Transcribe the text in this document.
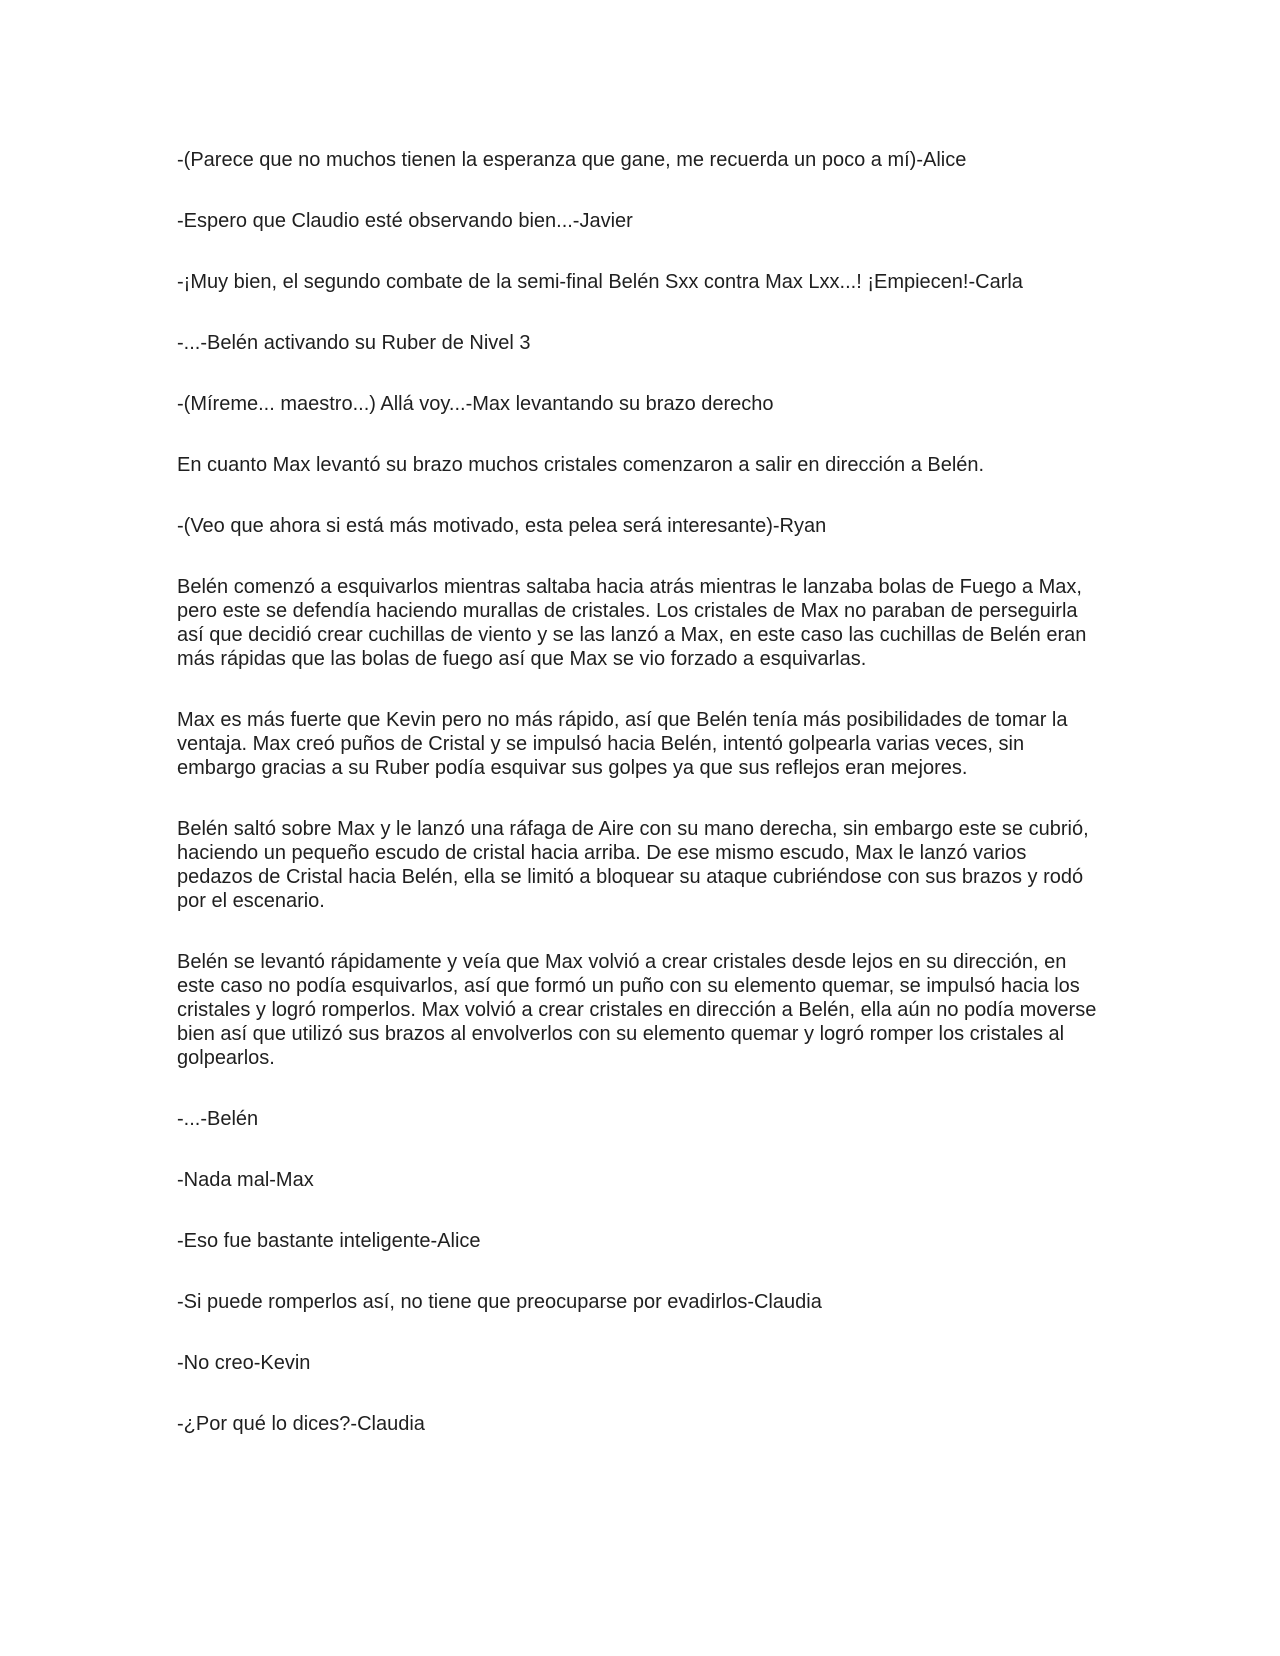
-(Parece que no muchos tienen la esperanza que gane, me recuerda un poco a mí)-Alice

-Espero que Claudio esté observando bien...-Javier

-¡Muy bien, el segundo combate de la semi-final Belén Sxx contra Max Lxx...! ¡Empiecen!-Carla

-...-Belén activando su Ruber de Nivel 3

-(Míreme... maestro...) Allá voy...-Max levantando su brazo derecho

En cuanto Max levantó su brazo muchos cristales comenzaron a salir en dirección a Belén.

-(Veo que ahora si está más motivado, esta pelea será interesante)-Ryan

Belén comenzó a esquivarlos mientras saltaba hacia atrás mientras le lanzaba bolas de Fuego a Max, pero este se defendía haciendo murallas de cristales. Los cristales de Max no paraban de perseguirla así que decidió crear cuchillas de viento y se las lanzó a Max, en este caso las cuchillas de Belén eran más rápidas que las bolas de fuego así que Max se vio forzado a esquivarlas.

Max es más fuerte que Kevin pero no más rápido, así que Belén tenía más posibilidades de tomar la ventaja. Max creó puños de Cristal y se impulsó hacia Belén, intentó golpearla varias veces, sin embargo gracias a su Ruber podía esquivar sus golpes ya que sus reflejos eran mejores.

Belén saltó sobre Max y le lanzó una ráfaga de Aire con su mano derecha, sin embargo este se cubrió, haciendo un pequeño escudo de cristal hacia arriba. De ese mismo escudo, Max le lanzó varios pedazos de Cristal hacia Belén, ella se limitó a bloquear su ataque cubriéndose con sus brazos y rodó por el escenario.

Belén se levantó rápidamente y veía que Max volvió a crear cristales desde lejos en su dirección, en este caso no podía esquivarlos, así que formó un puño con su elemento quemar, se impulsó hacia los cristales y logró romperlos. Max volvió a crear cristales en dirección a Belén, ella aún no podía moverse bien así que utilizó sus brazos al envolverlos con su elemento quemar y logró romper los cristales al golpearlos.

-...-Belén

-Nada mal-Max

-Eso fue bastante inteligente-Alice

-Si puede romperlos así, no tiene que preocuparse por evadirlos-Claudia

-No creo-Kevin

-¿Por qué lo dices?-Claudia
